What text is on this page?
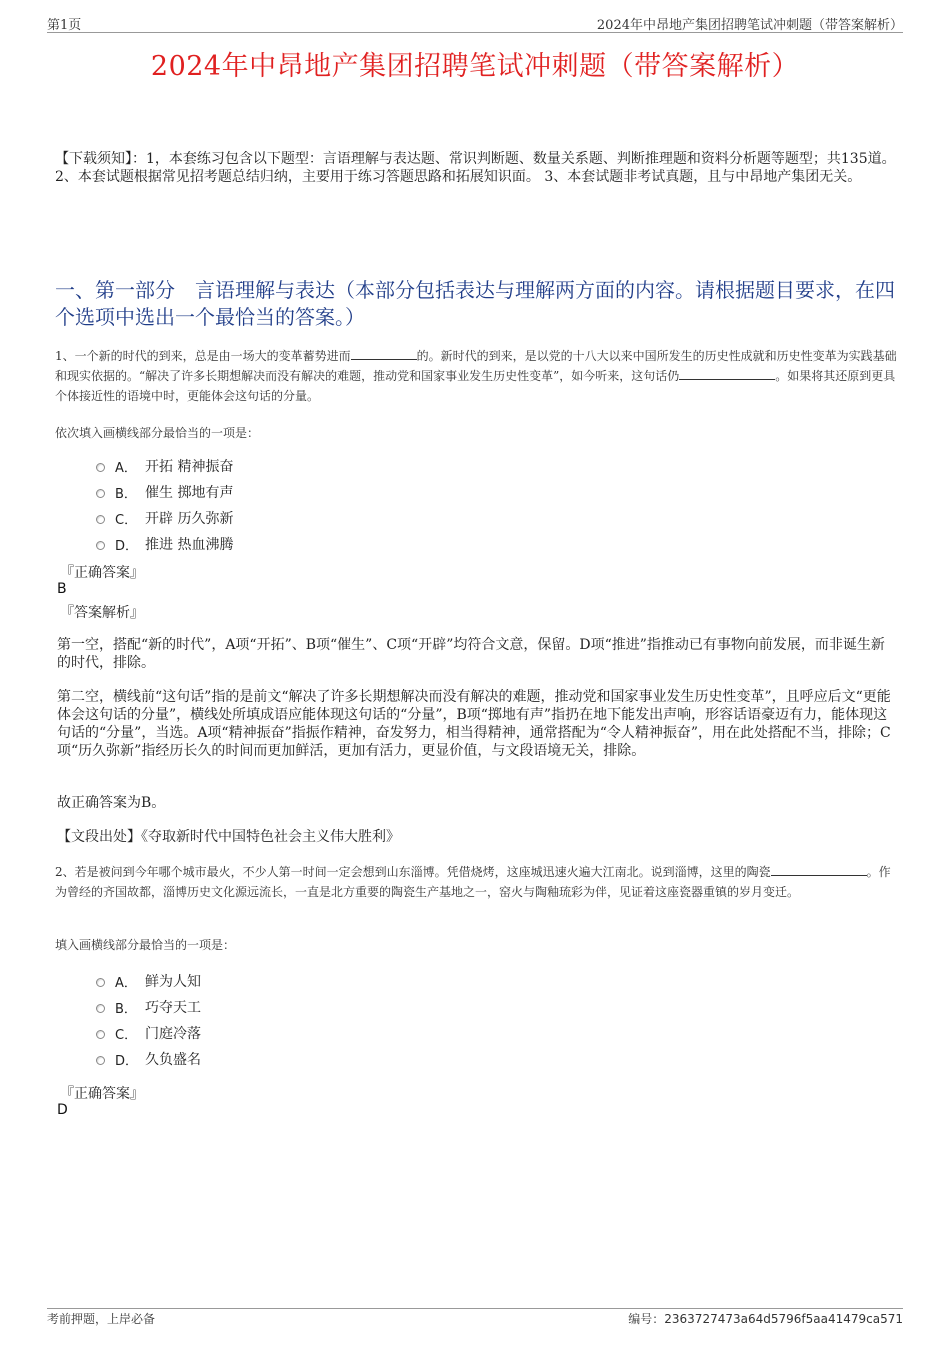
第1页	2024年中昂地产集团招聘笔试冲刺题（带答案解析）
2024年中昂地产集团招聘笔试冲刺题（带答案解析）
【下载须知】：1，本套练习包含以下题型：言语理解与表达题、常识判断题、数量关系题、判断推理题和资料分析题等题型；共135道。 2、本套试题根据常见招考题总结归纳，主要用于练习答题思路和拓展知识面。 3、本套试题非考试真题，且与中昂地产集团无关。
一、第一部分　言语理解与表达（本部分包括表达与理解两方面的内容。请根据题目要求，在四个选项中选出一个最恰当的答案。）
1、一个新的时代的到来，总是由一场大的变革蓄势进而	的。新时代的到来，是以党的十八大以来中国所发生的历史性成就和历史性变革为实践基础和现实依据的。“解决了许多长期想解决而没有解决的难题，推动党和国家事业发生历史性变革”，如今听来，这句话仍	。如果将其还原到更具个体接近性的语境中时，更能体会这句话的分量。
依次填入画横线部分最恰当的一项是：
A． 开拓 精神振奋
B． 催生 掷地有声
C． 开辟 历久弥新
D． 推进 热血沸腾
『正确答案』
B
『答案解析』
第一空，搭配“新的时代”，A项“开拓”、B项“催生”、C项“开辟”均符合文意，保留。D项“推进”指推动已有事物向前发展，而非诞生新的时代，排除。
第二空，横线前“这句话”指的是前文“解决了许多长期想解决而没有解决的难题，推动党和国家事业发生历史性变革”，且呼应后文“更能体会这句话的分量”，横线处所填成语应能体现这句话的“分量”，B项“掷地有声”指扔在地下能发出声响，形容话语豪迈有力，能体现这句话的“分量”，当选。A项“精神振奋”指振作精神，奋发努力，相当得精神，通常搭配为“令人精神振奋”，用在此处搭配不当，排除；C项“历久弥新”指经历长久的时间而更加鲜活，更加有活力，更显价值，与文段语境无关，排除。
故正确答案为B。
【文段出处】《夺取新时代中国特色社会主义伟大胜利》
2、若是被问到今年哪个城市最火，不少人第一时间一定会想到山东淄博。凭借烧烤，这座城迅速火遍大江南北。说到淄博，这里的陶瓷	。作为曾经的齐国故都，淄博历史文化源远流长，一直是北方重要的陶瓷生产基地之一，窑火与陶釉琉彩为伴，见证着这座瓷器重镇的岁月变迁。
填入画横线部分最恰当的一项是：
A． 鲜为人知
B． 巧夺天工
C． 门庭冷落
D． 久负盛名
『正确答案』
D
考前押题，上岸必备	编号：2363727473a64d5796f5aa41479ca571
